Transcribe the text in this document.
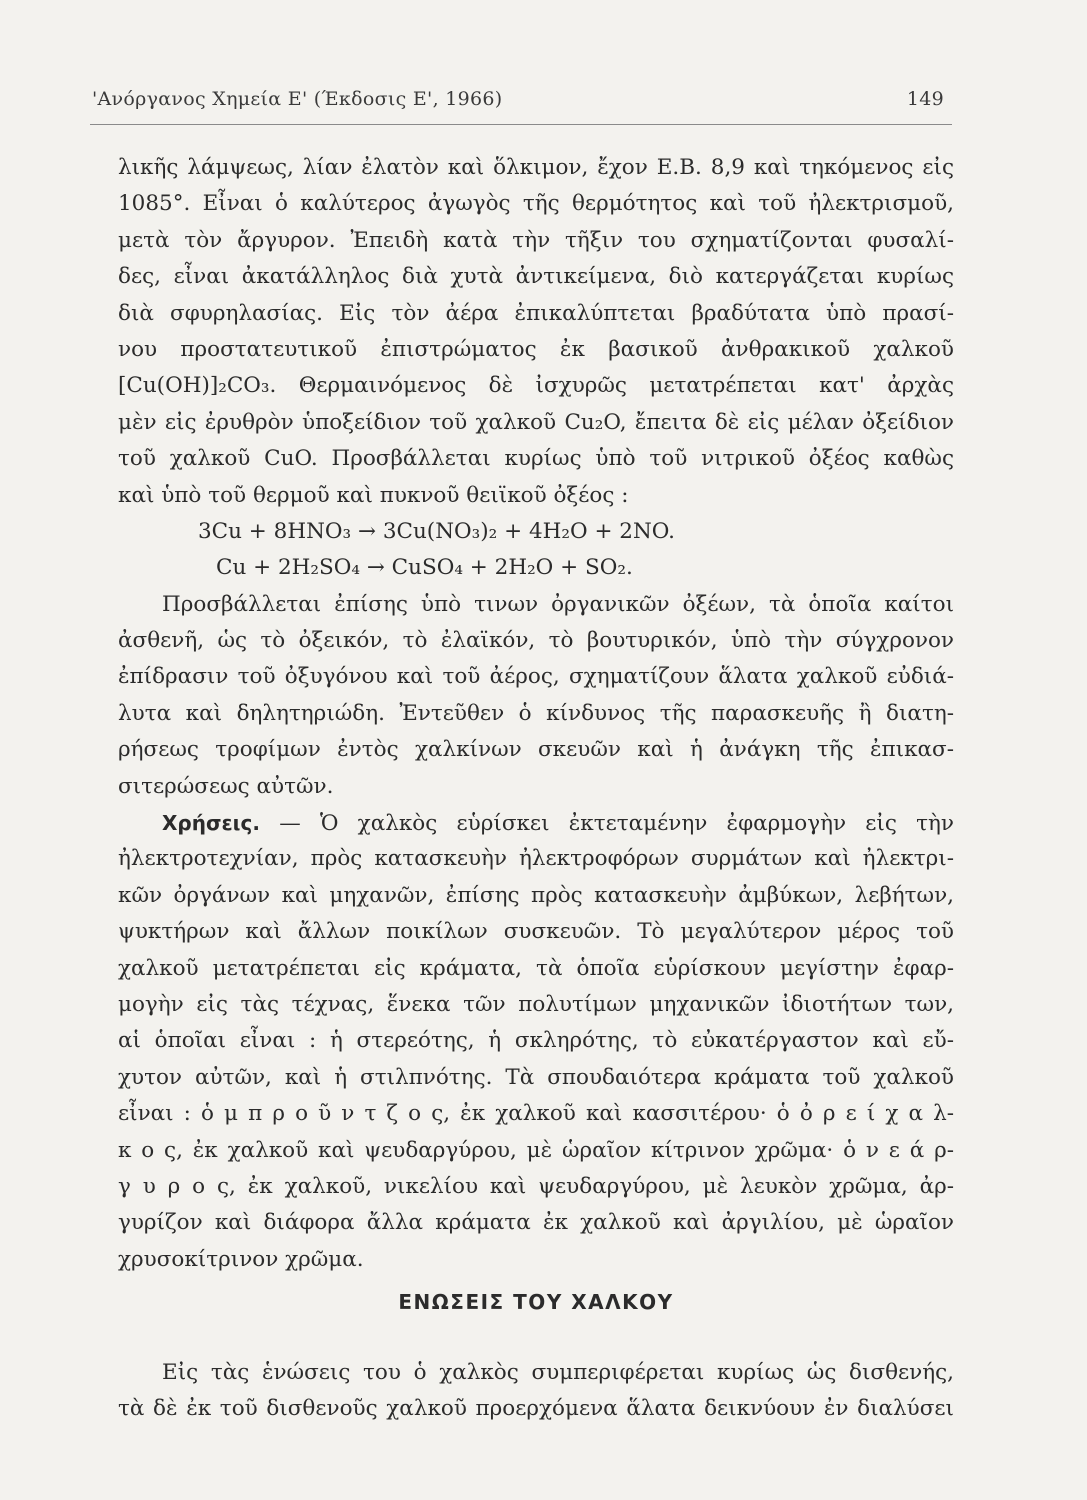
'Ανόργανος Χημεία Ε' (Έκδοσις Ε', 1966)	149
λικῆς λάμψεως, λίαν ἐλατὸν καὶ ὅλκιμον, ἔχον Ε.Β. 8,9 καὶ τηκόμενος εἰς
1085°. Εἶναι ὁ καλύτερος ἀγωγὸς τῆς θερμότητος καὶ τοῦ ἠλεκτρισμοῦ,
μετὰ τὸν ἄργυρον. Ἐπειδὴ κατὰ τὴν τῆξιν του σχηματίζονται φυσαλί-
δες, εἶναι ἀκατάλληλος διὰ χυτὰ ἀντικείμενα, διὸ κατεργάζεται κυρίως
διὰ σφυρηλασίας. Εἰς τὸν ἀέρα ἐπικαλύπτεται βραδύτατα ὑπὸ πρασί-
νου προστατευτικοῦ ἐπιστρώματος ἐκ βασικοῦ ἀνθρακικοῦ χαλκοῦ
[Cu(OH)]₂CO₃. Θερμαινόμενος δὲ ἰσχυρῶς μετατρέπεται κατ' ἀρχὰς
μὲν εἰς ἐρυθρὸν ὑποξείδιον τοῦ χαλκοῦ Cu₂O, ἔπειτα δὲ εἰς μέλαν ὀξείδιον
τοῦ χαλκοῦ CuO. Προσβάλλεται κυρίως ὑπὸ τοῦ νιτρικοῦ ὀξέος καθὼς
καὶ ὑπὸ τοῦ θερμοῦ καὶ πυκνοῦ θειϊκοῦ ὀξέος :
3Cu + 8HNO₃ → 3Cu(NO₃)₂ + 4H₂O + 2NO.
Cu + 2H₂SO₄ → CuSO₄ + 2H₂O + SO₂.
Προσβάλλεται ἐπίσης ὑπὸ τινων ὀργανικῶν ὀξέων, τὰ ὁποῖα καίτοι
ἀσθενῆ, ὡς τὸ ὀξεικόν, τὸ ἐλαϊκόν, τὸ βουτυρικόν, ὑπὸ τὴν σύγχρονον
ἐπίδρασιν τοῦ ὀξυγόνου καὶ τοῦ ἀέρος, σχηματίζουν ἅλατα χαλκοῦ εὐδιά-
λυτα καὶ δηλητηριώδη. Ἐντεῦθεν ὁ κίνδυνος τῆς παρασκευῆς ἢ διατη-
ρήσεως τροφίμων ἐντὸς χαλκίνων σκευῶν καὶ ἡ ἀνάγκη τῆς ἐπικασ-
σιτερώσεως αὐτῶν.
Χρήσεις. — Ὁ χαλκὸς εὑρίσκει ἐκτεταμένην ἐφαρμογὴν εἰς τὴν
ἠλεκτροτεχνίαν, πρὸς κατασκευὴν ἠλεκτροφόρων συρμάτων καὶ ἠλεκτρι-
κῶν ὀργάνων καὶ μηχανῶν, ἐπίσης πρὸς κατασκευὴν ἀμβύκων, λεβήτων,
ψυκτήρων καὶ ἄλλων ποικίλων συσκευῶν. Τὸ μεγαλύτερον μέρος τοῦ
χαλκοῦ μετατρέπεται εἰς κράματα, τὰ ὁποῖα εὑρίσκουν μεγίστην ἐφαρ-
μογὴν εἰς τὰς τέχνας, ἕνεκα τῶν πολυτίμων μηχανικῶν ἰδιοτήτων των,
αἱ ὁποῖαι εἶναι : ἡ στερεότης, ἡ σκληρότης, τὸ εὐκατέργαστον καὶ εὔ-
χυτον αὐτῶν, καὶ ἡ στιλπνότης. Τὰ σπουδαιότερα κράματα τοῦ χαλκοῦ
εἶναι : ὁ μ π ρ ο ῦ ν τ ζ ο ς, ἐκ χαλκοῦ καὶ κασσιτέρου· ὁ ὀ ρ ε ί χ α λ-
κ ο ς, ἐκ χαλκοῦ καὶ ψευδαργύρου, μὲ ὡραῖον κίτρινον χρῶμα· ὁ ν ε ά ρ-
γ υ ρ ο ς, ἐκ χαλκοῦ, νικελίου καὶ ψευδαργύρου, μὲ λευκὸν χρῶμα, ἀρ-
γυρίζον καὶ διάφορα ἄλλα κράματα ἐκ χαλκοῦ καὶ ἀργιλίου, μὲ ὡραῖον
χρυσοκίτρινον χρῶμα.
ΕΝΩΣΕΙΣ ΤΟΥ ΧΑΛΚΟΥ
Εἰς τὰς ἑνώσεις του ὁ χαλκὸς συμπεριφέρεται κυρίως ὡς δισθενής,
τὰ δὲ ἐκ τοῦ δισθενοῦς χαλκοῦ προερχόμενα ἅλατα δεικνύουν ἐν διαλύσει
